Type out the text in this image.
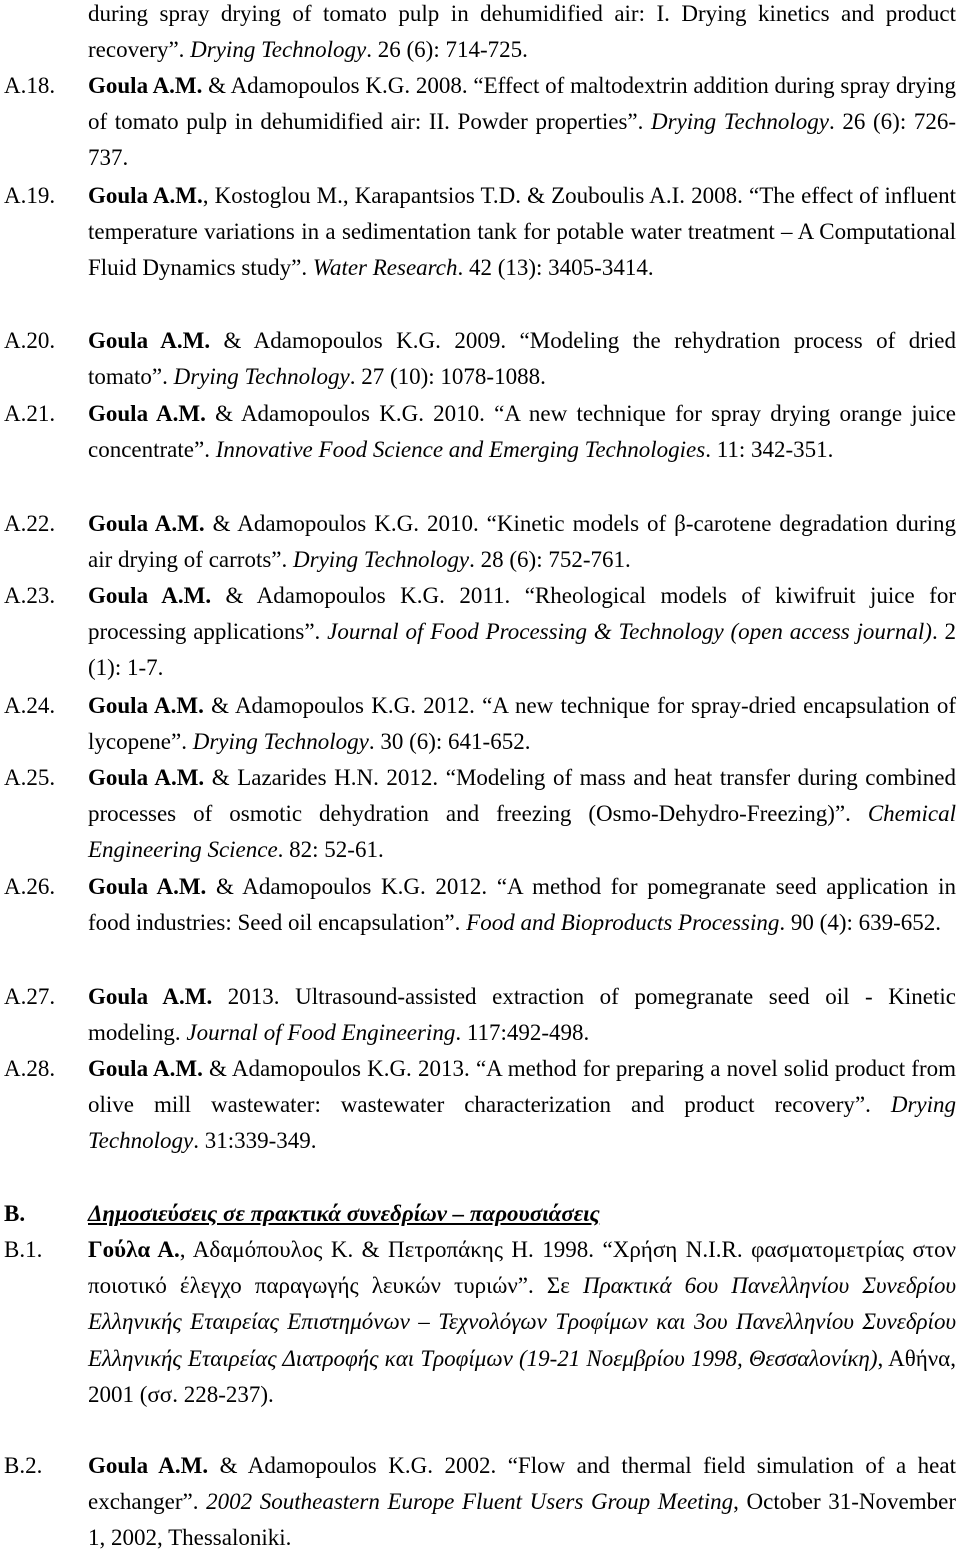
during spray drying of tomato pulp in dehumidified air: I. Drying kinetics and product recovery”. Drying Technology. 26 (6): 714-725.
A.18. Goula A.M. & Adamopoulos K.G. 2008. “Effect of maltodextrin addition during spray drying of tomato pulp in dehumidified air: II. Powder properties”. Drying Technology. 26 (6): 726-737.
A.19. Goula A.M., Kostoglou M., Karapantsios T.D. & Zouboulis A.I. 2008. “The effect of influent temperature variations in a sedimentation tank for potable water treatment – A Computational Fluid Dynamics study”. Water Research. 42 (13): 3405-3414.
A.20. Goula A.M. & Adamopoulos K.G. 2009. “Modeling the rehydration process of dried tomato”. Drying Technology. 27 (10): 1078-1088.
A.21. Goula A.M. & Adamopoulos K.G. 2010. “A new technique for spray drying orange juice concentrate”. Innovative Food Science and Emerging Technologies. 11: 342-351.
A.22. Goula A.M. & Adamopoulos K.G. 2010. “Kinetic models of β-carotene degradation during air drying of carrots”. Drying Technology. 28 (6): 752-761.
A.23. Goula A.M. & Adamopoulos K.G. 2011. “Rheological models of kiwifruit juice for processing applications”. Journal of Food Processing & Technology (open access journal). 2 (1): 1-7.
A.24. Goula A.M. & Adamopoulos K.G. 2012. “A new technique for spray-dried encapsulation of lycopene”. Drying Technology. 30 (6): 641-652.
A.25. Goula A.M. & Lazarides H.N. 2012. “Modeling of mass and heat transfer during combined processes of osmotic dehydration and freezing (Osmo-Dehydro-Freezing)”. Chemical Engineering Science. 82: 52-61.
A.26. Goula A.M. & Adamopoulos K.G. 2012. “A method for pomegranate seed application in food industries: Seed oil encapsulation”. Food and Bioproducts Processing. 90 (4): 639-652.
A.27. Goula A.M. 2013. Ultrasound-assisted extraction of pomegranate seed oil - Kinetic modeling. Journal of Food Engineering. 117:492-498.
A.28. Goula A.M. & Adamopoulos K.G. 2013. “A method for preparing a novel solid product from olive mill wastewater: wastewater characterization and product recovery”. Drying Technology. 31:339-349.
B.	Δημοσιεύσεις σε πρακτικά συνεδρίων – παρουσιάσεις
B.1. Γούλα Α., Αδαμόπουλος Κ. & Πετροπάκης Η. 1998. “Χρήση N.I.R. φασματομετρίας στον ποιοτικό έλεγχο παραγωγής λευκών τυριών”. Σε Πρακτικά 6ου Πανελληνίου Συνεδρίου Ελληνικής Εταιρείας Επιστημόνων – Τεχνολόγων Τροφίμων και 3ου Πανελληνίου Συνεδρίου Ελληνικής Εταιρείας Διατροφής και Τροφίμων (19-21 Νοεμβρίου 1998, Θεσσαλονίκη), Αθήνα, 2001 (σσ. 228-237).
B.2. Goula A.M. & Adamopoulos K.G. 2002. “Flow and thermal field simulation of a heat exchanger”. 2002 Southeastern Europe Fluent Users Group Meeting, October 31-November 1, 2002, Thessaloniki.
